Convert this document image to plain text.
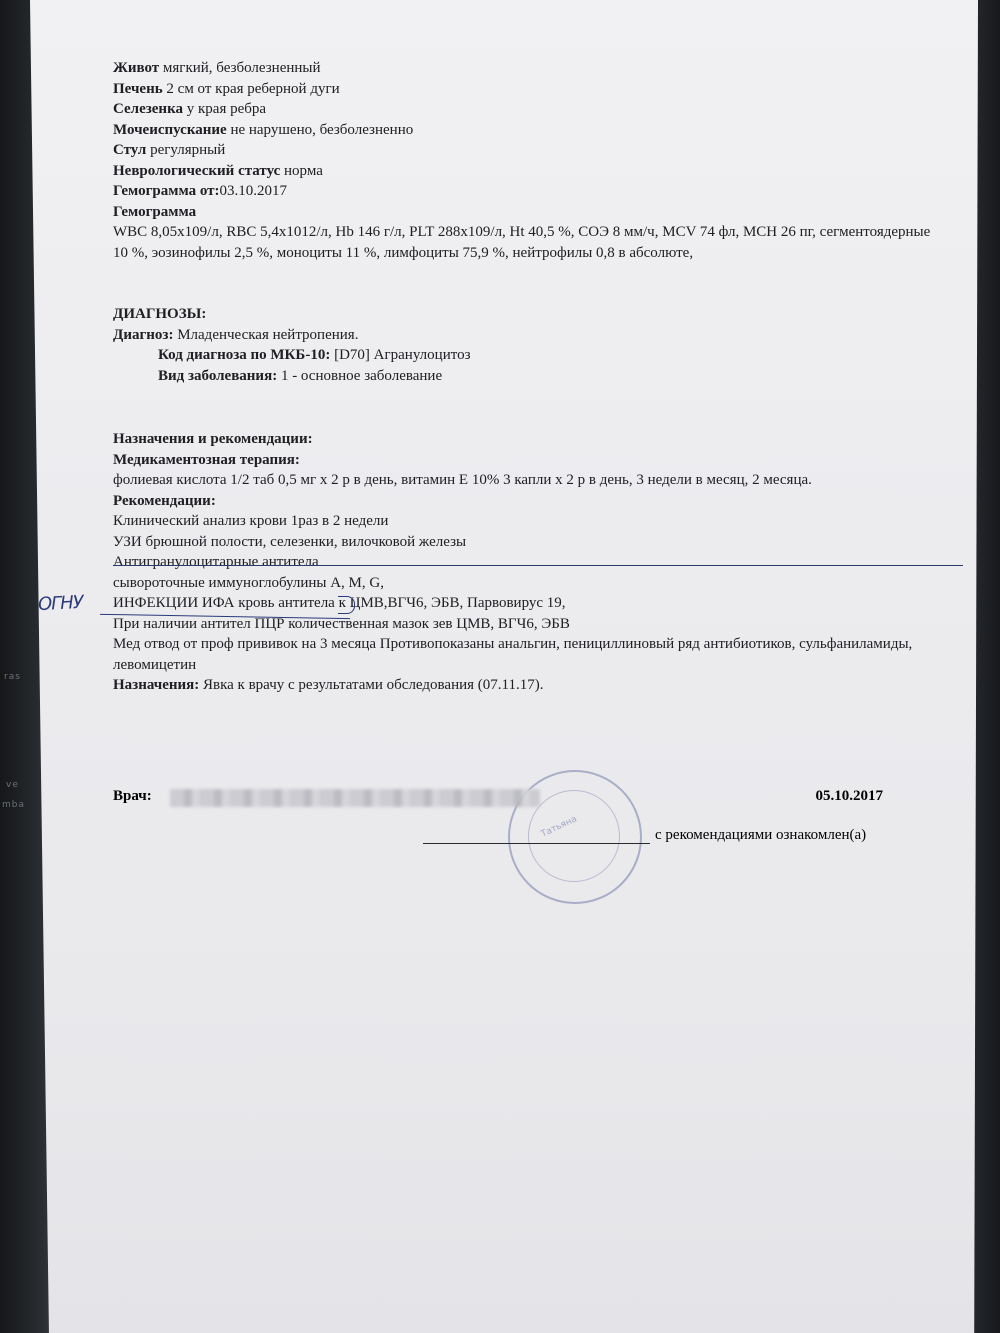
ras
ve
mba
Живот мягкий, безболезненный
Печень 2 см от края реберной дуги
Селезенка у края ребра
Мочеиспускание не нарушено, безболезненно
Стул регулярный
Неврологический статус норма
Гемограмма от:03.10.2017
Гемограмма
WBC 8,05х109/л, RBC 5,4х1012/л, Hb 146 г/л, PLT 288х109/л, Ht 40,5 %, СОЭ 8 мм/ч, MCV 74 фл, MCH 26 пг, сегментоядерные 10 %, эозинофилы 2,5 %, моноциты 11 %, лимфоциты 75,9 %, нейтрофилы 0,8 в абсолюте,
ДИАГНОЗЫ:
Диагноз: Младенческая нейтропения.
Код диагноза по МКБ-10: [D70] Агранулоцитоз
Вид заболевания: 1 - основное заболевание
Назначения и рекомендации:
Медикаментозная терапия:
фолиевая кислота 1/2 таб 0,5 мг х 2 р в день, витамин Е 10% 3 капли х 2 р в день, 3 недели в месяц, 2 месяца.
Рекомендации:
Клинический анализ крови 1раз в 2 недели
УЗИ брюшной полости, селезенки, вилочковой железы
Антигранулоцитарные антитела
сывороточные иммуноглобулины А, М, G,
ИНФЕКЦИИ ИФА кровь антитела к ЦМВ,ВГЧ6, ЭБВ, Парвовирус 19,
При наличии антител ПЦР количественная мазок зев ЦМВ, ВГЧ6, ЭБВ
Мед отвод от проф прививок на 3 месяца Противопоказаны анальгин, пенициллиновый ряд антибиотиков, сульфаниламиды, левомицетин
Назначения: Явка к врачу с результатами обследования (07.11.17).
ОГНУ
Татьяна
Врач:	05.10.2017
с рекомендациями ознакомлен(а)
